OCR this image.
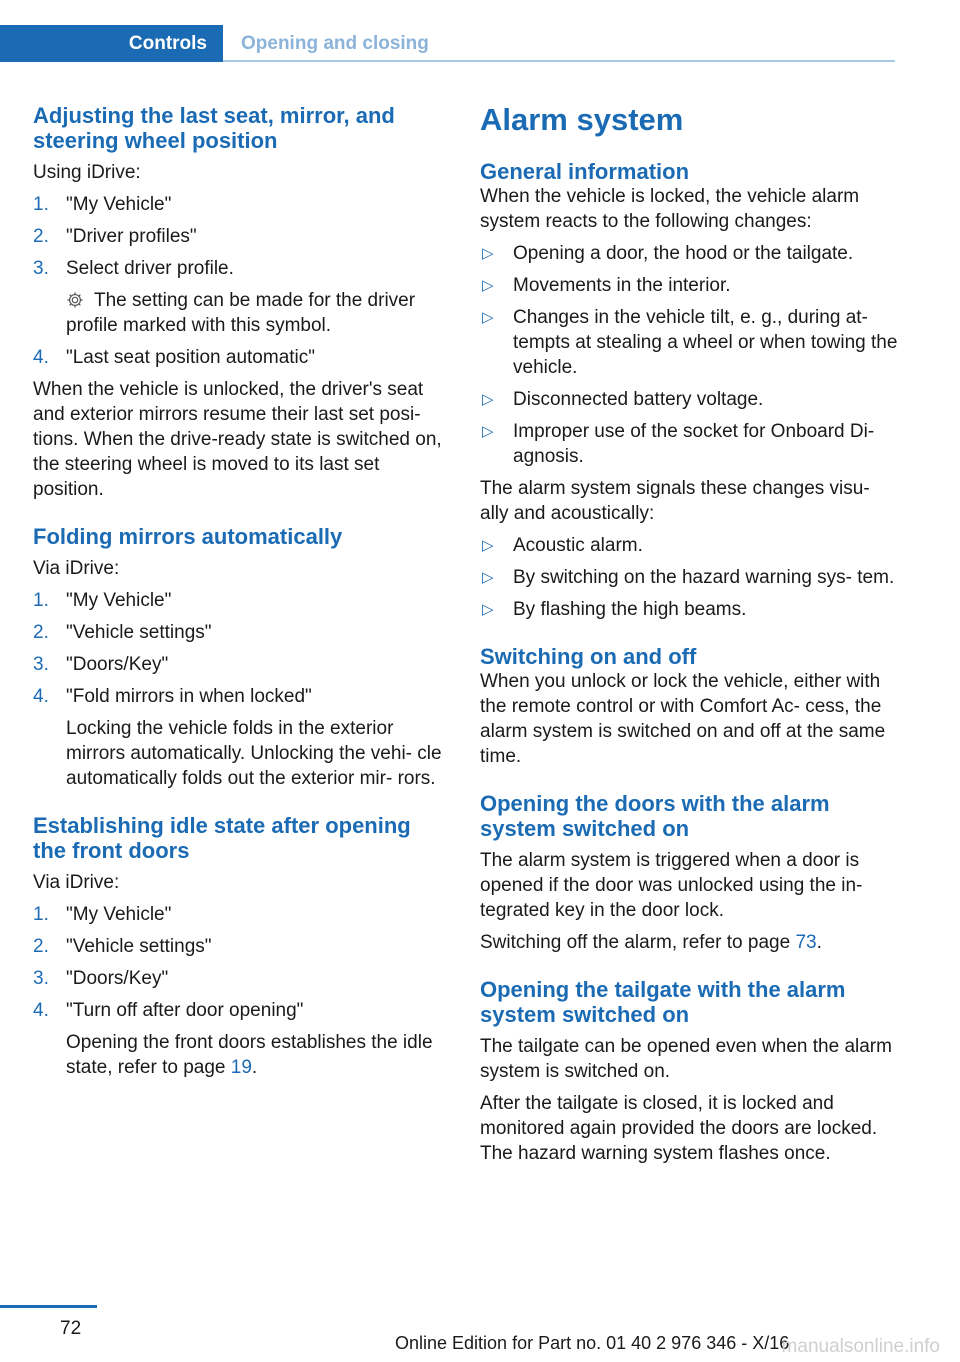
Controls	Opening and closing
Adjusting the last seat, mirror, and steering wheel position

Using iDrive:

1. "My Vehicle"
2. "Driver profiles"
3. Select driver profile.
The setting can be made for the driver profile marked with this symbol.
4. "Last seat position automatic"

When the vehicle is unlocked, the driver's seat and exterior mirrors resume their last set posi‐ tions. When the drive-ready state is switched on, the steering wheel is moved to its last set position.

Folding mirrors automatically

Via iDrive:

1. "My Vehicle"
2. "Vehicle settings"
3. "Doors/Key"
4. "Fold mirrors in when locked"
Locking the vehicle folds in the exterior mirrors automatically. Unlocking the vehi‐ cle automatically folds out the exterior mir‐ rors.
Establishing idle state after opening the front doors

Via iDrive:

1. "My Vehicle"
2. "Vehicle settings"
3. "Doors/Key"
4. "Turn off after door opening"
Opening the front doors establishes the idle state, refer to page 19.
Alarm system
General information

When the vehicle is locked, the vehicle alarm system reacts to the following changes:

▷ Opening a door, the hood or the tailgate.
▷ Movements in the interior.
▷ Changes in the vehicle tilt, e. g., during at‐ tempts at stealing a wheel or when towing the vehicle.
▷ Disconnected battery voltage.
▷ Improper use of the socket for Onboard Di‐ agnosis.

The alarm system signals these changes visu‐ ally and acoustically:

▷ Acoustic alarm.
▷ By switching on the hazard warning sys‐ tem.
▷ By flashing the high beams.
Switching on and off

When you unlock or lock the vehicle, either with the remote control or with Comfort Ac‐ cess, the alarm system is switched on and off at the same time.

Opening the doors with the alarm system switched on

The alarm system is triggered when a door is opened if the door was unlocked using the in‐ tegrated key in the door lock.

Switching off the alarm, refer to page 73.

Opening the tailgate with the alarm system switched on

The tailgate can be opened even when the alarm system is switched on.

After the tailgate is closed, it is locked and monitored again provided the doors are locked. The hazard warning system flashes once.

72
Online Edition for Part no. 01 40 2 976 346 - X/16
manualsonline.info
